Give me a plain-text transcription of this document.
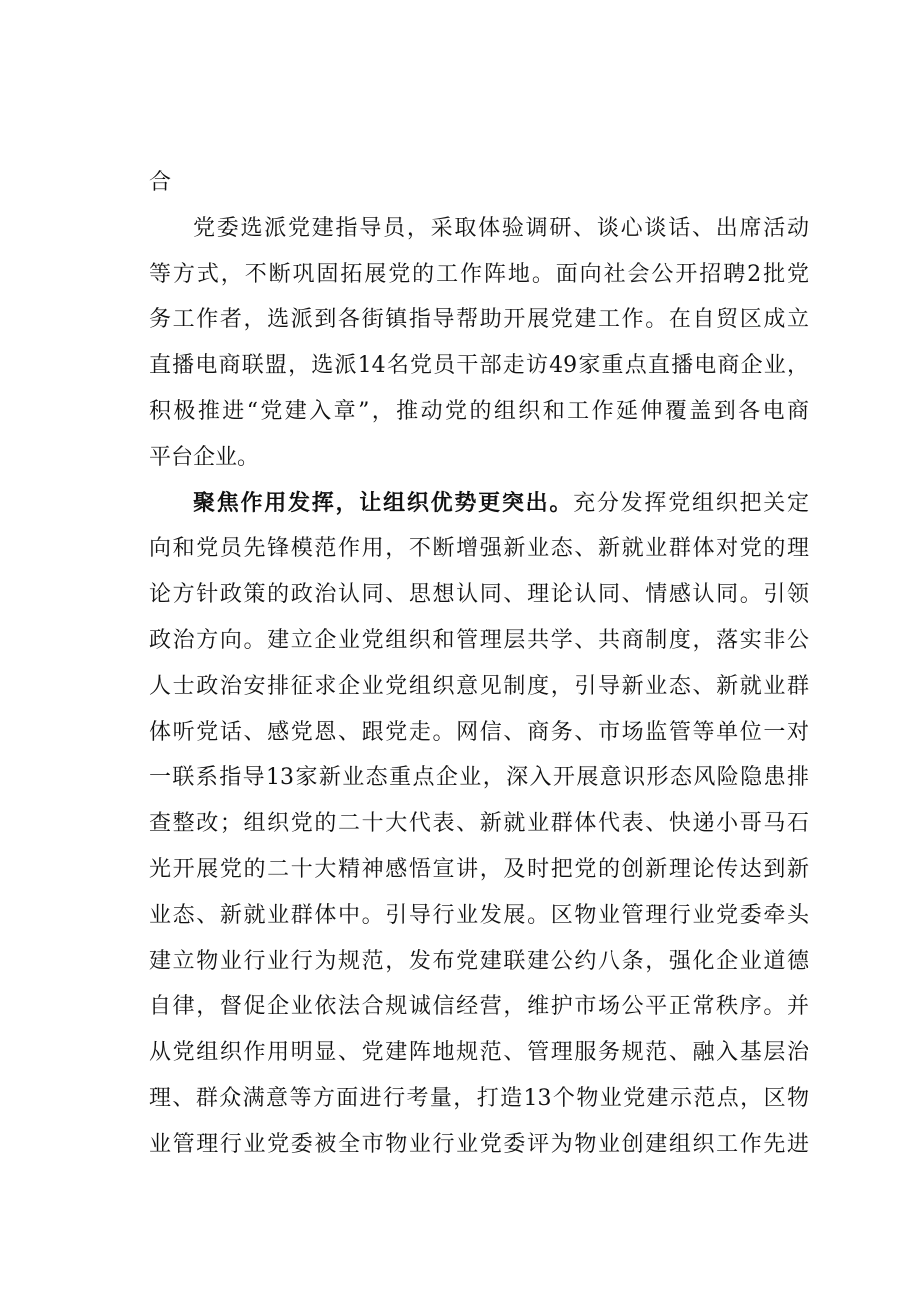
合
党委选派党建指导员，采取体验调研、谈心谈话、出席活动
等方式，不断巩固拓展党的工作阵地。面向社会公开招聘2批党
务工作者，选派到各街镇指导帮助开展党建工作。在自贸区成立
直播电商联盟，选派14名党员干部走访49家重点直播电商企业，
积极推进“党建入章”，推动党的组织和工作延伸覆盖到各电商
平台企业。
聚焦作用发挥，让组织优势更突出。充分发挥党组织把关定
向和党员先锋模范作用，不断增强新业态、新就业群体对党的理
论方针政策的政治认同、思想认同、理论认同、情感认同。引领
政治方向。建立企业党组织和管理层共学、共商制度，落实非公
人士政治安排征求企业党组织意见制度，引导新业态、新就业群
体听党话、感党恩、跟党走。网信、商务、市场监管等单位一对
一联系指导13家新业态重点企业，深入开展意识形态风险隐患排
查整改；组织党的二十大代表、新就业群体代表、快递小哥马石
光开展党的二十大精神感悟宣讲，及时把党的创新理论传达到新
业态、新就业群体中。引导行业发展。区物业管理行业党委牵头
建立物业行业行为规范，发布党建联建公约八条，强化企业道德
自律，督促企业依法合规诚信经营，维护市场公平正常秩序。并
从党组织作用明显、党建阵地规范、管理服务规范、融入基层治
理、群众满意等方面进行考量，打造13个物业党建示范点，区物
业管理行业党委被全市物业行业党委评为物业创建组织工作先进
